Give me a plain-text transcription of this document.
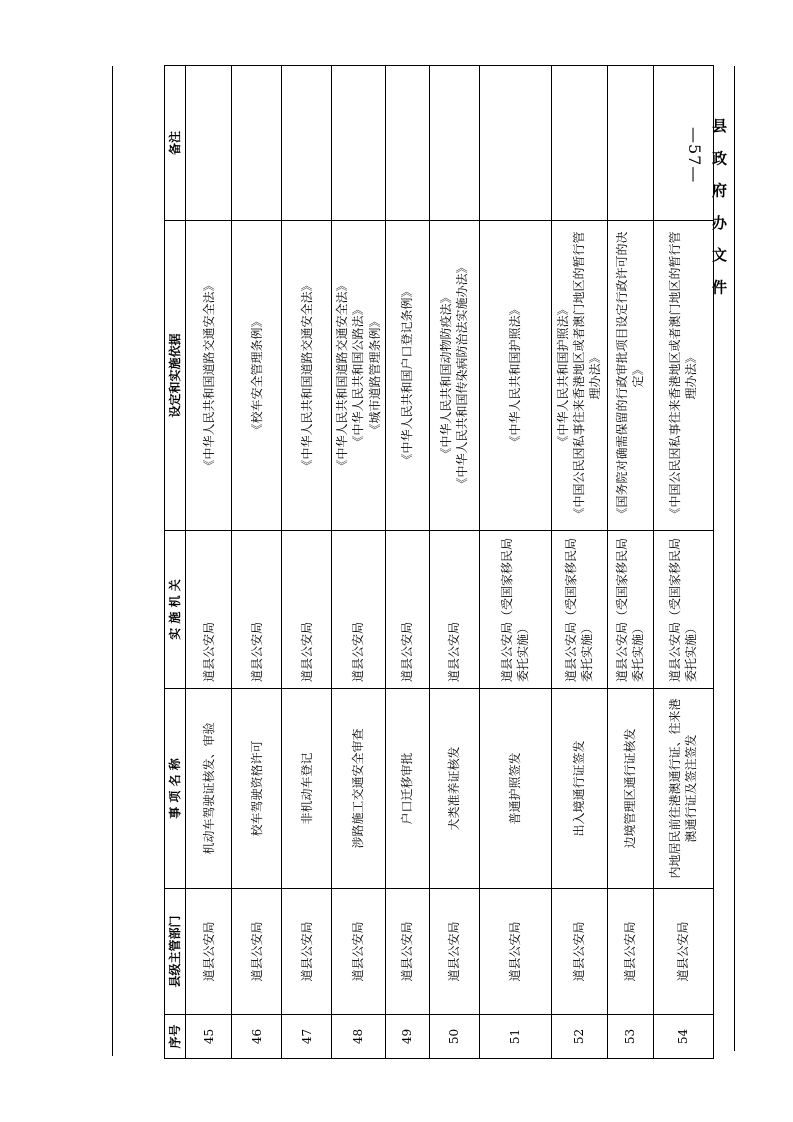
县 政 府 办 文 件
—57—
序号	县级主管部门	事 项 名 称	实 施 机 关	设定和实施依据	备注
45	道县公安局	机动车驾驶证核发、审验	道县公安局	《中华人民共和国道路交通安全法》	

46	道县公安局	校车驾驶资格许可	道县公安局	《校车安全管理条例》	

47	道县公安局	非机动车登记	道县公安局	《中华人民共和国道路交通安全法》	

48	道县公安局	涉路施工交通安全审查	道县公安局	《中华人民共和国道路交通安全法》 《中华人民共和国公路法》 《城市道路管理条例》	

49	道县公安局	户口迁移审批	道县公安局	《中华人民共和国户口登记条例》	

50	道县公安局	犬类准养证核发	道县公安局	《中华人民共和国动物防疫法》 《中华人民共和国传染病防治法实施办法》	

51	道县公安局	普通护照签发	道县公安局（受国家移民局委托实施）	《中华人民共和国护照法》	

52	道县公安局	出入境通行证签发	道县公安局（受国家移民局委托实施）	《中华人民共和国护照法》 《中国公民因私事往来香港地区或者澳门地区的暂行管理办法》	

53	道县公安局	边境管理区通行证核发	道县公安局（受国家移民局委托实施）	《国务院对确需保留的行政审批项目设定行政许可的决定》	

54	道县公安局	内地居民前往港澳通行证、往来港澳通行证及签注签发	道县公安局（受国家移民局委托实施）	《中国公民因私事往来香港地区或者澳门地区的暂行管理办法》	
